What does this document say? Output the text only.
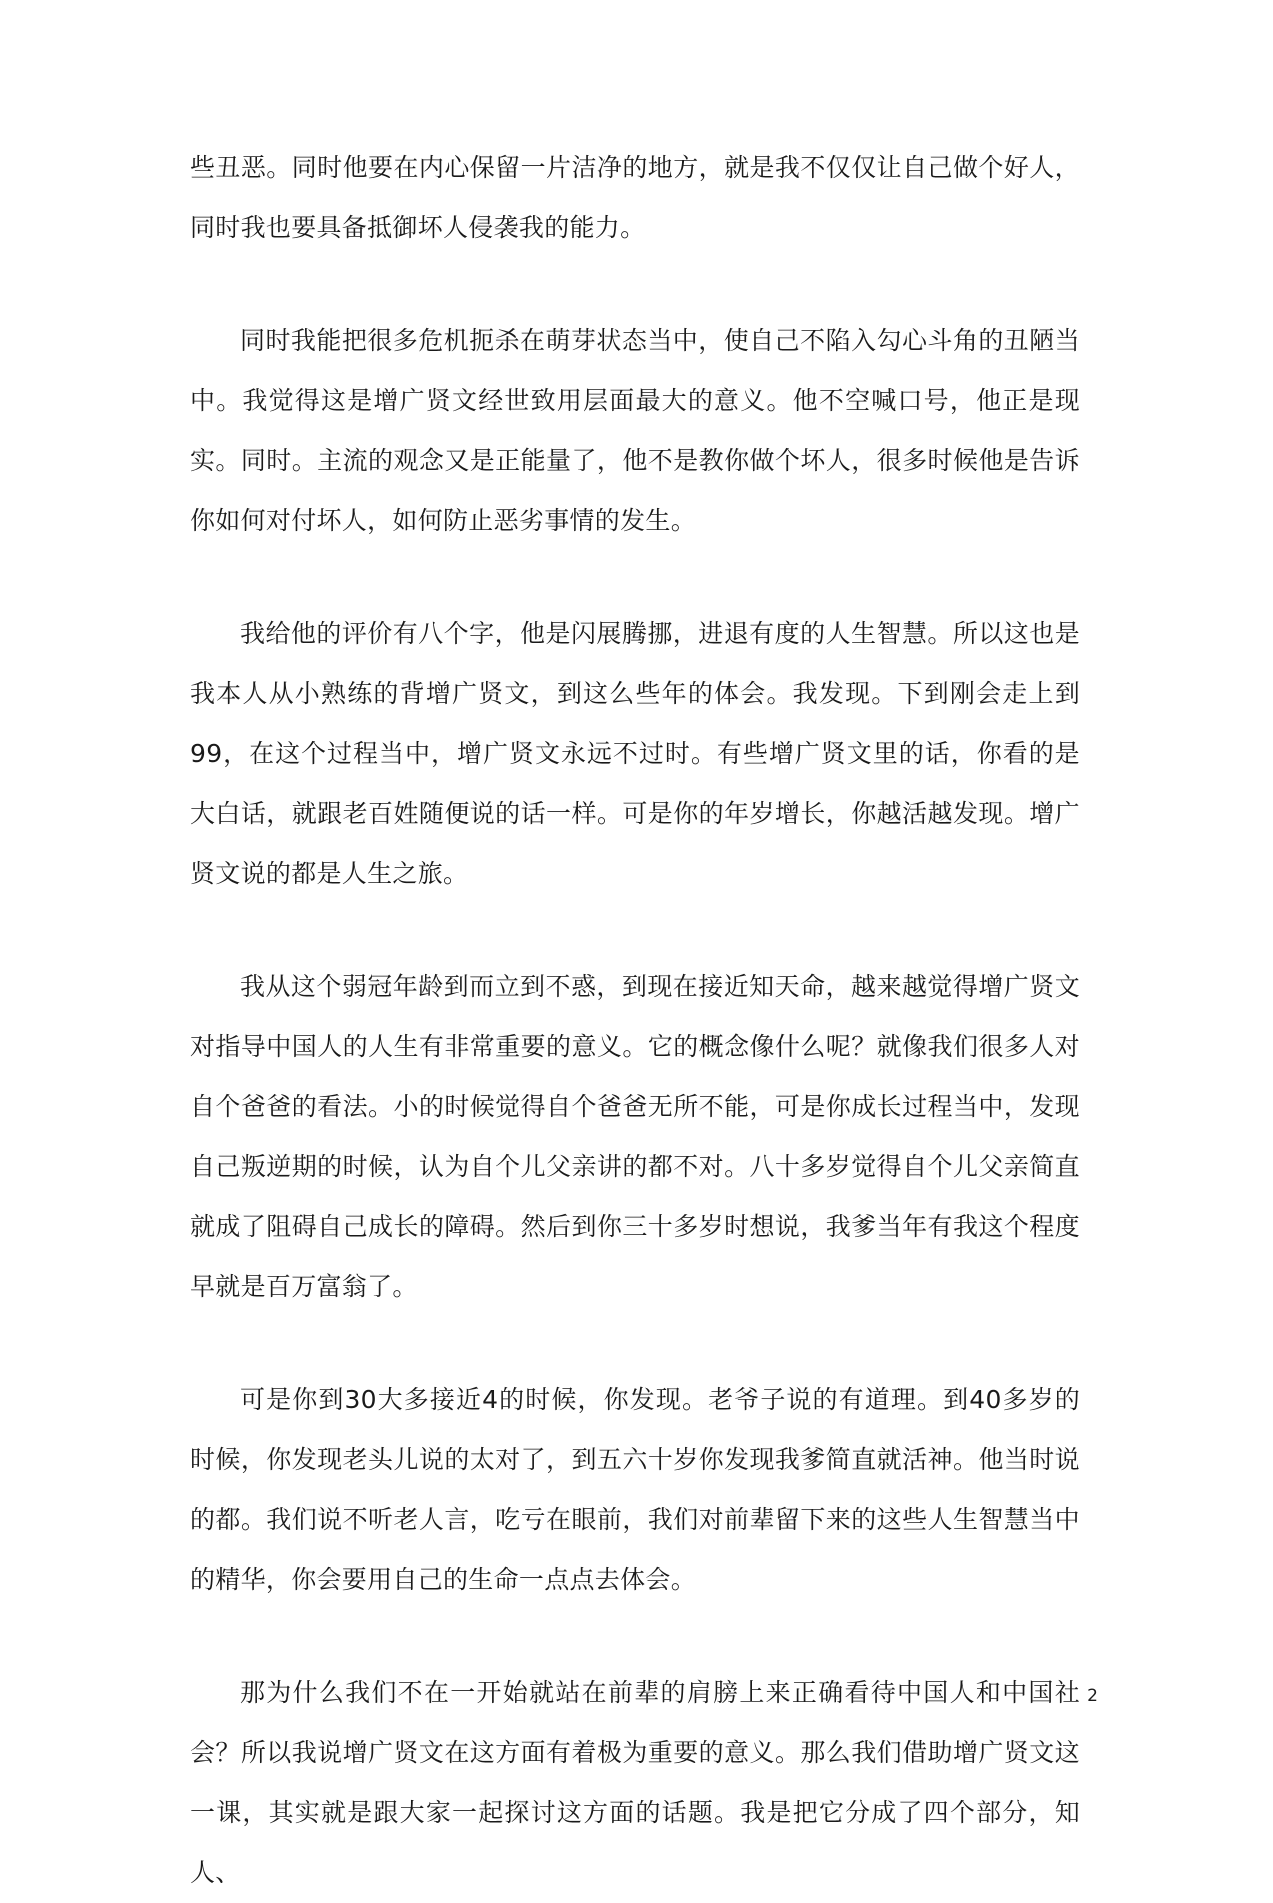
些丑恶。同时他要在内心保留一片洁净的地方，就是我不仅仅让自己做个好人，同时我也要具备抵御坏人侵袭我的能力。

同时我能把很多危机扼杀在萌芽状态当中，使自己不陷入勾心斗角的丑陋当中。我觉得这是增广贤文经世致用层面最大的意义。他不空喊口号，他正是现实。同时。主流的观念又是正能量了，他不是教你做个坏人，很多时候他是告诉你如何对付坏人，如何防止恶劣事情的发生。

我给他的评价有八个字，他是闪展腾挪，进退有度的人生智慧。所以这也是我本人从小熟练的背增广贤文，到这么些年的体会。我发现。下到刚会走上到99，在这个过程当中，增广贤文永远不过时。有些增广贤文里的话，你看的是大白话，就跟老百姓随便说的话一样。可是你的年岁增长，你越活越发现。增广贤文说的都是人生之旅。

我从这个弱冠年龄到而立到不惑，到现在接近知天命，越来越觉得增广贤文对指导中国人的人生有非常重要的意义。它的概念像什么呢？就像我们很多人对自个爸爸的看法。小的时候觉得自个爸爸无所不能，可是你成长过程当中，发现自己叛逆期的时候，认为自个儿父亲讲的都不对。八十多岁觉得自个儿父亲简直就成了阻碍自己成长的障碍。然后到你三十多岁时想说，我爹当年有我这个程度早就是百万富翁了。

可是你到30大多接近4的时候，你发现。老爷子说的有道理。到40多岁的时候，你发现老头儿说的太对了，到五六十岁你发现我爹简直就活神。他当时说的都。我们说不听老人言，吃亏在眼前，我们对前辈留下来的这些人生智慧当中的精华，你会要用自己的生命一点点去体会。

那为什么我们不在一开始就站在前辈的肩膀上来正确看待中国人和中国社会？所以我说增广贤文在这方面有着极为重要的意义。那么我们借助增广贤文这一课，其实就是跟大家一起探讨这方面的话题。我是把它分成了四个部分，知人、

2
